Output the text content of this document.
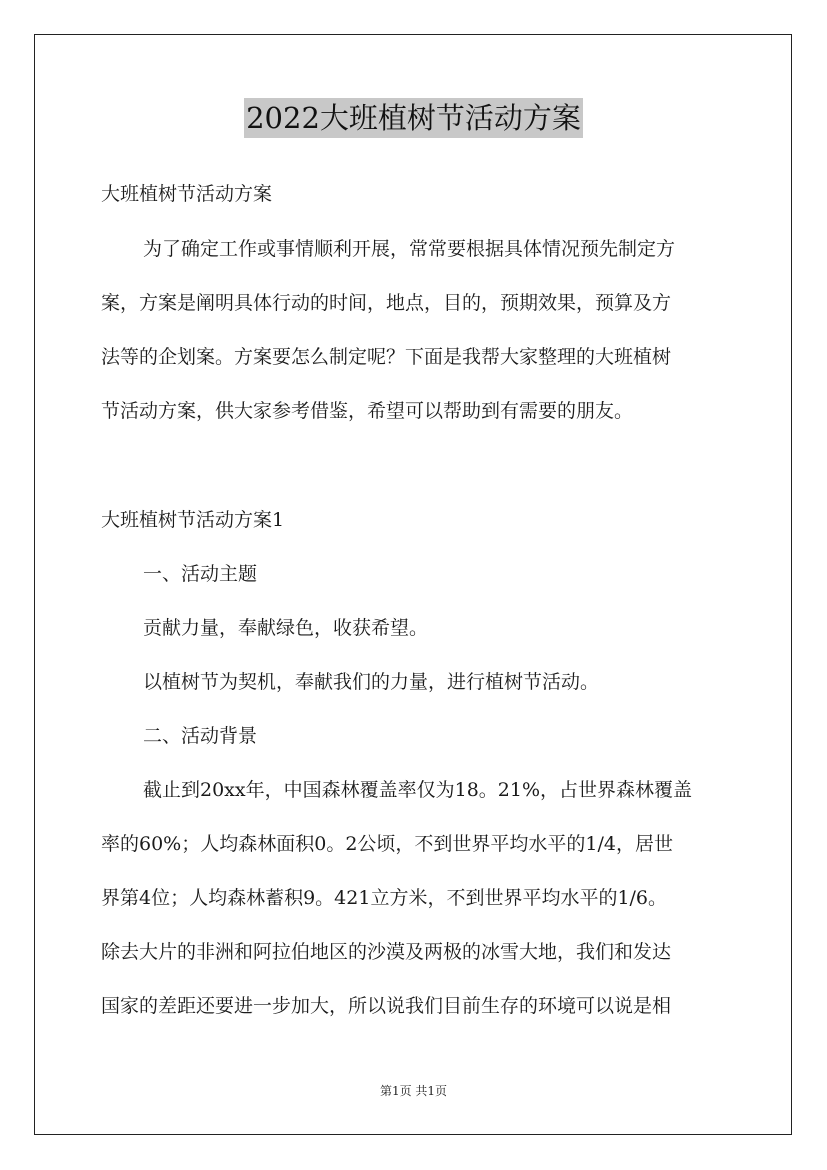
2022大班植树节活动方案
大班植树节活动方案
为了确定工作或事情顺利开展，常常要根据具体情况预先制定方
案，方案是阐明具体行动的时间，地点，目的，预期效果，预算及方
法等的企划案。方案要怎么制定呢？下面是我帮大家整理的大班植树
节活动方案，供大家参考借鉴，希望可以帮助到有需要的朋友。
大班植树节活动方案1
一、活动主题
贡献力量，奉献绿色，收获希望。
以植树节为契机，奉献我们的力量，进行植树节活动。
二、活动背景
截止到20xx年，中国森林覆盖率仅为18。21%，占世界森林覆盖
率的60%；人均森林面积0。2公顷，不到世界平均水平的1/4，居世
界第4位；人均森林蓄积9。421立方米，不到世界平均水平的1/6。
除去大片的非洲和阿拉伯地区的沙漠及两极的冰雪大地，我们和发达
国家的差距还要进一步加大，所以说我们目前生存的环境可以说是相
第1页 共1页
